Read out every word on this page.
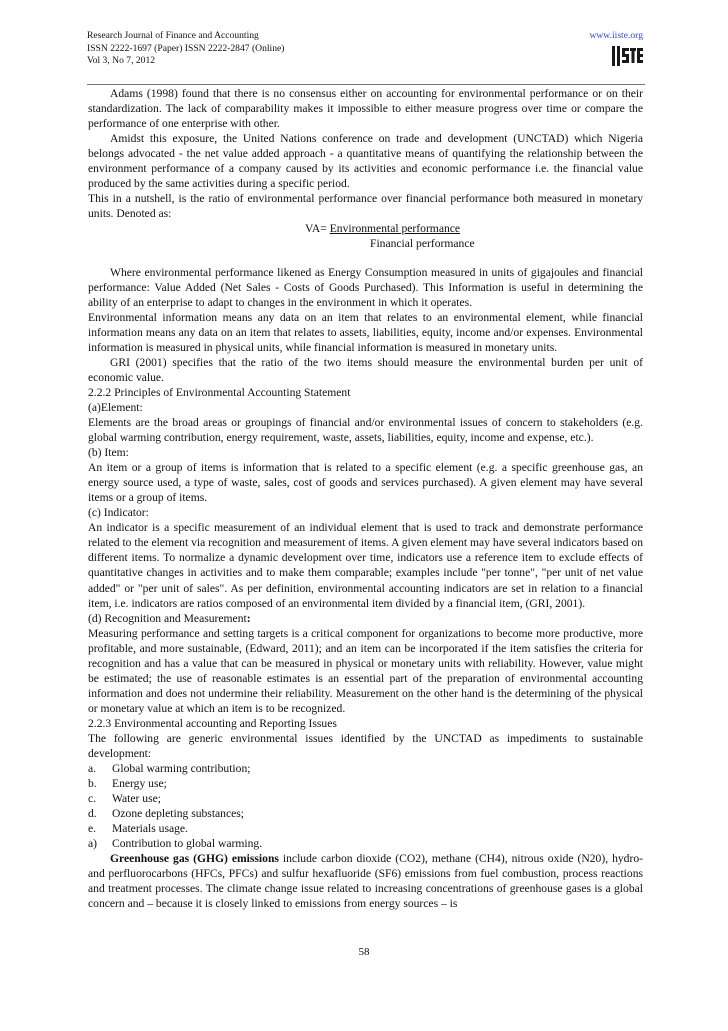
Research Journal of Finance and Accounting

ISSN 2222-1697 (Paper) ISSN 2222-2847 (Online)

Vol 3, No 7, 2012

www.iiste.org

Adams (1998) found that there is no consensus either on accounting for environmental performance or on their standardization. The lack of comparability makes it impossible to either measure progress over time or compare the performance of one enterprise with other.

Amidst this exposure, the United Nations conference on trade and development (UNCTAD) which Nigeria belongs advocated - the net value added approach - a quantitative means of quantifying the relationship between the environment performance of a company caused by its activities and economic performance i.e. the financial value produced by the same activities during a specific period.

This in a nutshell, is the ratio of environmental performance over financial performance both measured in monetary units. Denoted as:

VA= Environmental performance

Financial performance

Where environmental performance likened as Energy Consumption measured in units of gigajoules and financial performance: Value Added (Net Sales - Costs of Goods Purchased). This Information is useful in determining the ability of an enterprise to adapt to changes in the environment in which it operates.

Environmental information means any data on an item that relates to an environmental element, while financial information means any data on an item that relates to assets, liabilities, equity, income and/or expenses. Environmental information is measured in physical units, while financial information is measured in monetary units.

GRI (2001) specifies that the ratio of the two items should measure the environmental burden per unit of economic value.

2.2.2 Principles of Environmental Accounting Statement

(a)Element:

Elements are the broad areas or groupings of financial and/or environmental issues of concern to stakeholders (e.g. global warming contribution, energy requirement, waste, assets, liabilities, equity, income and expense, etc.).

(b) Item:

An item or a group of items is information that is related to a specific element (e.g. a specific greenhouse gas, an energy source used, a type of waste, sales, cost of goods and services purchased). A given element may have several items or a group of items.

(c) Indicator:

An indicator is a specific measurement of an individual element that is used to track and demonstrate performance related to the element via recognition and measurement of items. A given element may have several indicators based on different items. To normalize a dynamic development over time, indicators use a reference item to exclude effects of quantitative changes in activities and to make them comparable; examples include "per tonne", "per unit of net value added" or "per unit of sales". As per definition, environmental accounting indicators are set in relation to a financial item, i.e. indicators are ratios composed of an environmental item divided by a financial item, (GRI, 2001).

(d) Recognition and Measurement:

Measuring performance and setting targets is a critical component for organizations to become more productive, more profitable, and more sustainable, (Edward, 2011); and an item can be incorporated if the item satisfies the criteria for recognition and has a value that can be measured in physical or monetary units with reliability. However, value might be estimated; the use of reasonable estimates is an essential part of the preparation of environmental accounting information and does not undermine their reliability. Measurement on the other hand is the determining of the physical or monetary value at which an item is to be recognized.

2.2.3 Environmental accounting and Reporting Issues

The following are generic environmental issues identified by the UNCTAD as impediments to sustainable development:

a.	Global warming contribution;
b.	Energy use;
c.	Water use;
d.	Ozone depleting substances;
e.	Materials usage.
a)	Contribution to global warming.

Greenhouse gas (GHG) emissions include carbon dioxide (CO2), methane (CH4), nitrous oxide (N20), hydro- and perfluorocarbons (HFCs, PFCs) and sulfur hexafluoride (SF6) emissions from fuel combustion, process reactions and treatment processes. The climate change issue related to increasing concentrations of greenhouse gases is a global concern and – because it is closely linked to emissions from energy sources – is

58
